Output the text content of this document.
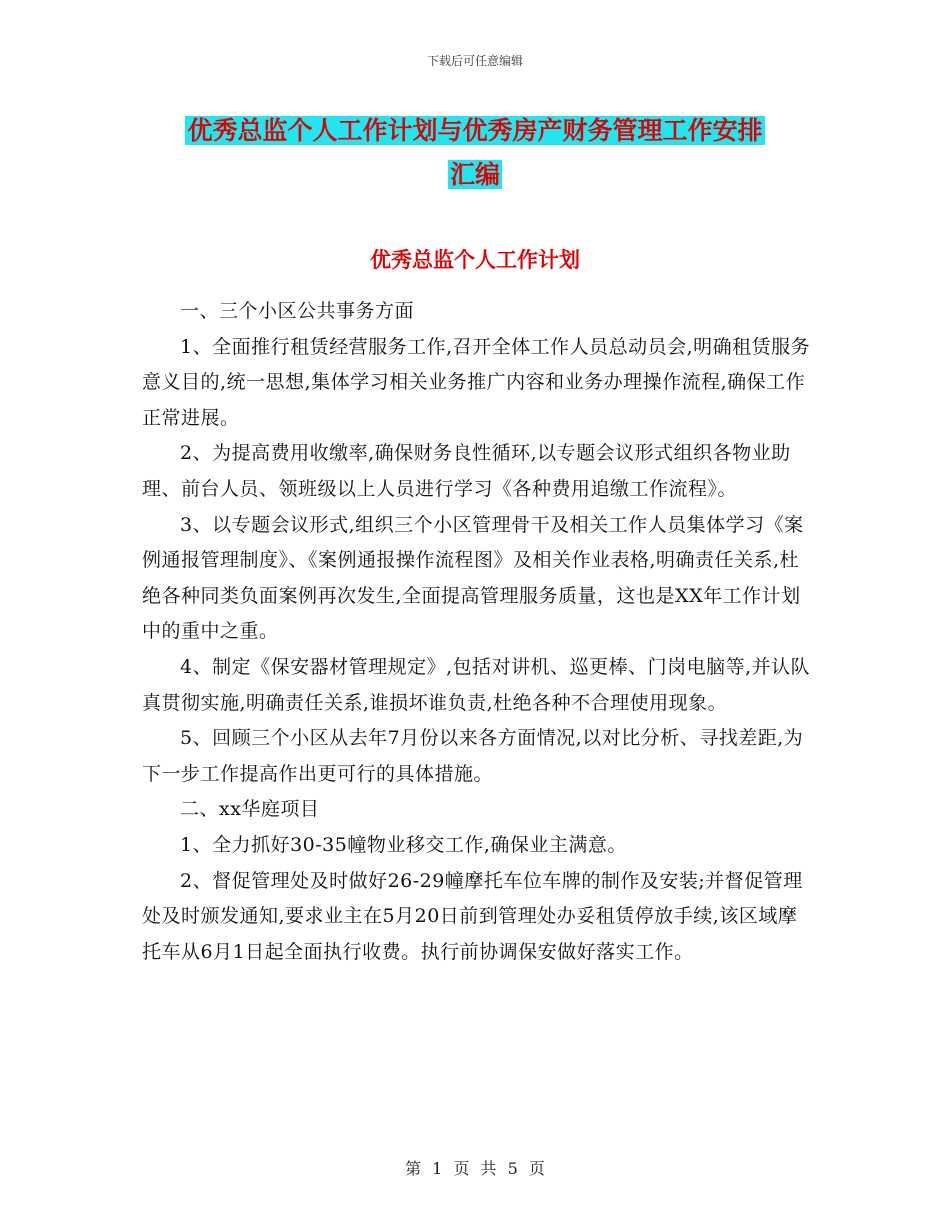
下载后可任意编辑
优秀总监个人工作计划与优秀房产财务管理工作安排
汇编
优秀总监个人工作计划

一、三个小区公共事务方面

1、全面推行租赁经营服务工作,召开全体工作人员总动员会,明确租赁服务意义目的,统一思想,集体学习相关业务推广内容和业务办理操作流程,确保工作正常进展。

2、为提高费用收缴率,确保财务良性循环,以专题会议形式组织各物业助理、前台人员、领班级以上人员进行学习《各种费用追缴工作流程》。

3、以专题会议形式,组织三个小区管理骨干及相关工作人员集体学习《案例通报管理制度》、《案例通报操作流程图》及相关作业表格,明确责任关系,杜绝各种同类负面案例再次发生,全面提高管理服务质量，这也是XX年工作计划中的重中之重。

4、制定《保安器材管理规定》,包括对讲机、巡更棒、门岗电脑等,并认队真贯彻实施,明确责任关系,谁损坏谁负责,杜绝各种不合理使用现象。

5、回顾三个小区从去年7月份以来各方面情况,以对比分析、寻找差距,为下一步工作提高作出更可行的具体措施。

二、xx华庭项目

1、全力抓好30-35幢物业移交工作,确保业主满意。

2、督促管理处及时做好26-29幢摩托车位车牌的制作及安装;并督促管理处及时颁发通知,要求业主在5月20日前到管理处办妥租赁停放手续,该区域摩托车从6月1日起全面执行收费。执行前协调保安做好落实工作。

第 1 页 共 5 页
